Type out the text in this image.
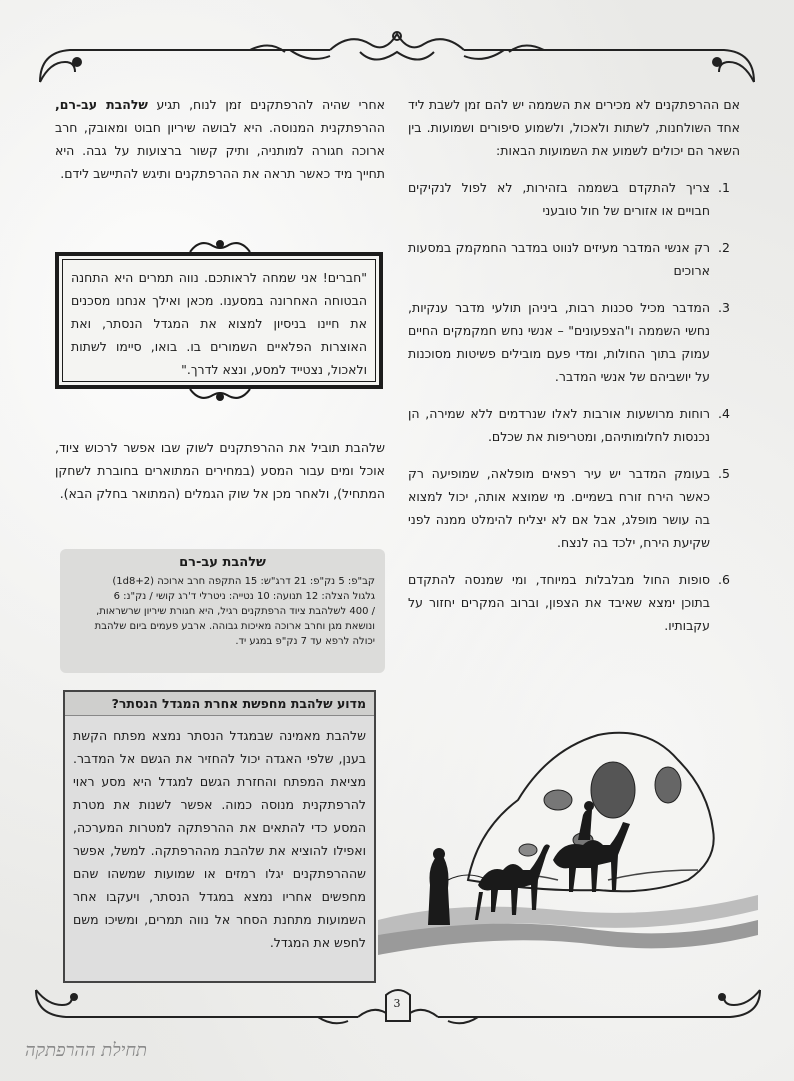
אם ההרפתקנים לא מכירים את השממה יש להם זמן לשבת ליד אחד השולחנות, לשתות ולאכול, ולשמוע סיפורים ושמועות. בין השאר הם יכולים לשמוע את השמועות הבאות:

1.
צריך להתקדם בשממה בזהירות, לא לפול לנקיקים חבויים או אזורים של חול טובעני
2.
רק אנשי המדבר מעיזים לנווט במדבר החמקמק במסעות ארוכים
3.
המדבר מכיל סכנות רבות, ביניהן תולעי מדבר ענקיות, נחשי השממה ו"הצפעונים" – אנשי נחש חמקמקים החיים עמוק בתוך החולות, ומדי פעם מובילים פשיטות מסוכנות על יושביהם של אנשי המדבר.
4.
רוחות מרושעות אורבות לאלו שנרדמים ללא שמירה, הן נכנסות לחלומותיהם, ומטריפות את שכלם.
5.
בעומק המדבר יש עיר רפאים מופלאה, שמופיעה רק כאשר הירח זורח בשמיים. מי שמוצא אותה, יכול למצוא בה עושר מופלג, אבל אם לא יצליח להימלט ממנה לפני שקיעת הירח, ילכד בה לנצח.
6.
סופות החול מבלבלות במיוחד, ומי שמנסה להתקדם בתוכן ימצא שאיבד את הצפון, וברוב המקרים יחזור על עקבותיו.

אחרי שהיה להרפתקנים זמן לנוח, תגיע שלהבת עב-רם, ההרפתקנית המנוסה. היא לבושה שיריון חבוט ומאובק, חרב ארוכה חגורה למותניה, ותיק קשור ברצועות על גבה. היא תחייך מיד כאשר תראה את ההרפתקנים ותיגש להתיישב לידם.

"חברים! אני שמחה לראותכם. נווה תמרים היא התחנה הבטוחה האחרונה במסענו. מכאן ואילך אנחנו מסכנים את חיינו בניסיון למצוא את המגדל הנסתר, ואת האוצרות הפלאיים השמורים בו. בואו, סיימו לשתות ולאכול, נצטייד למסע, ונצא לדרך."

שלהבת תוביל את ההרפתקנים לשוק שבו אפשר לרכוש ציוד, אוכל ומים עבור המסע (במחירים המתוארים בחוברת לשחקן המתחיל), ולאחר מכן אל שוק הגמלים (המתואר בחלק הבא).

שלהבת עב-רם
קב"פ: 5 נק"פ: 21 דרג"ש: 15 התקפה חרב ארוכה (1d8+2)
גלגול הצלה: 12 תנועה: 10 נטייה: ניטרלי ד'רג קושי / נק"נ: 6
/ 400 לשלהבת ציוד הרפתקנים רגיל, היא חגורת שיריון שרשראות, ונושאת מגן וחרב ארוכה מאיכות גבוהה. ארבע פעמים ביום שלהבת יכולה לרפא עד 7 נק"פ במגע יד.
מדוע שלהבת מחפשת אחרת המגדל הנסתר?
שלהבת מאמינה שבמגדל הנסתר נמצא מפתח הקשת בענן, שלפי האגדה יכול להחזיר את הגשם אל המדבר. מציאת המפתח והחזרת הגשם למגדל היא מסע ראוי להרפתקנית מנוסה כמוה. אפשר לשנות את מטרת המסע כדי להתאים את ההרפתקה למטרות המערכה, ואפילו להוציא את שלהבת מההרפתקה. למשל, אפשר שההרפתקנים יגלו רמזים או שמועות שמשהו שהם מחפשים אחריו נמצא במגדל הנסתר, ויעקבו אחר השמועות מתחנת הסחר אל נווה תמרים, ומשיכו משם לחפש את המגדל.
3
תחילת ההרפתקה
